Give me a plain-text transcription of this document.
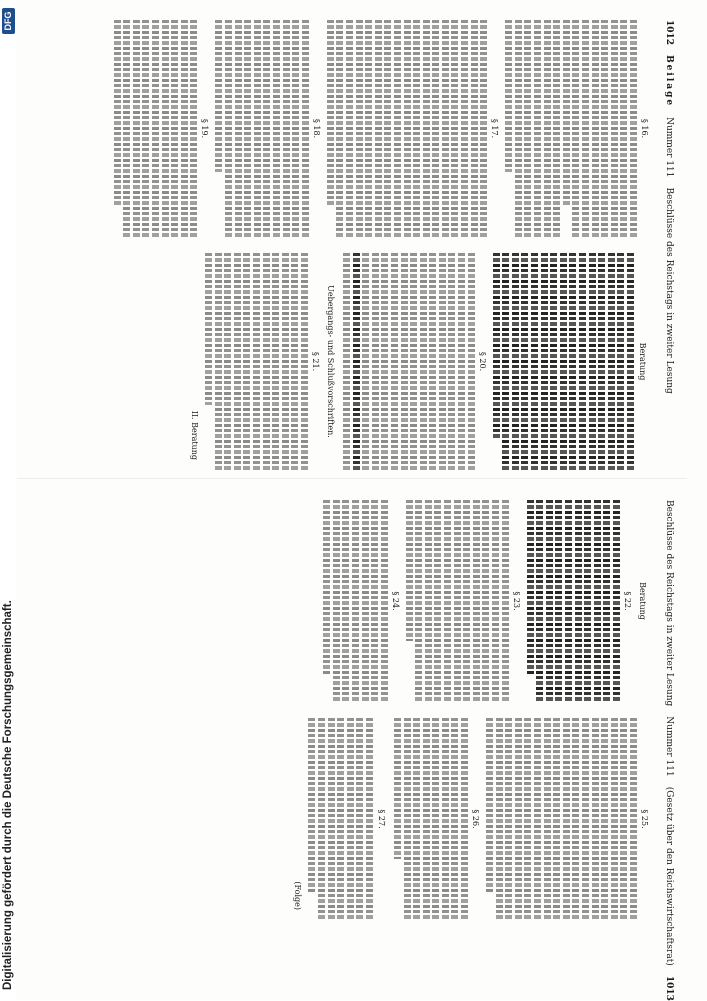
1012
Beilage
Nummer 111
Beschlüsse des Reichstags in zweiter Lesung
§ 16.
§ 17.
§ 18.
§ 19.
Beratung
§ 20.
Uebergangs- und Schlußvorschriften.
§ 21.
II. Beratung
Beschlüsse des Reichstags in zweiter Lesung
Nummer 111
(Gesetz über den Reichswirtschaftsrat)
1013
Beratung
§ 22.
§ 23.
§ 24.
§ 25.
§ 26.
§ 27.
(Folge)
Digitalisierung gefördert durch die Deutsche Forschungsgemeinschaft.
DFG
